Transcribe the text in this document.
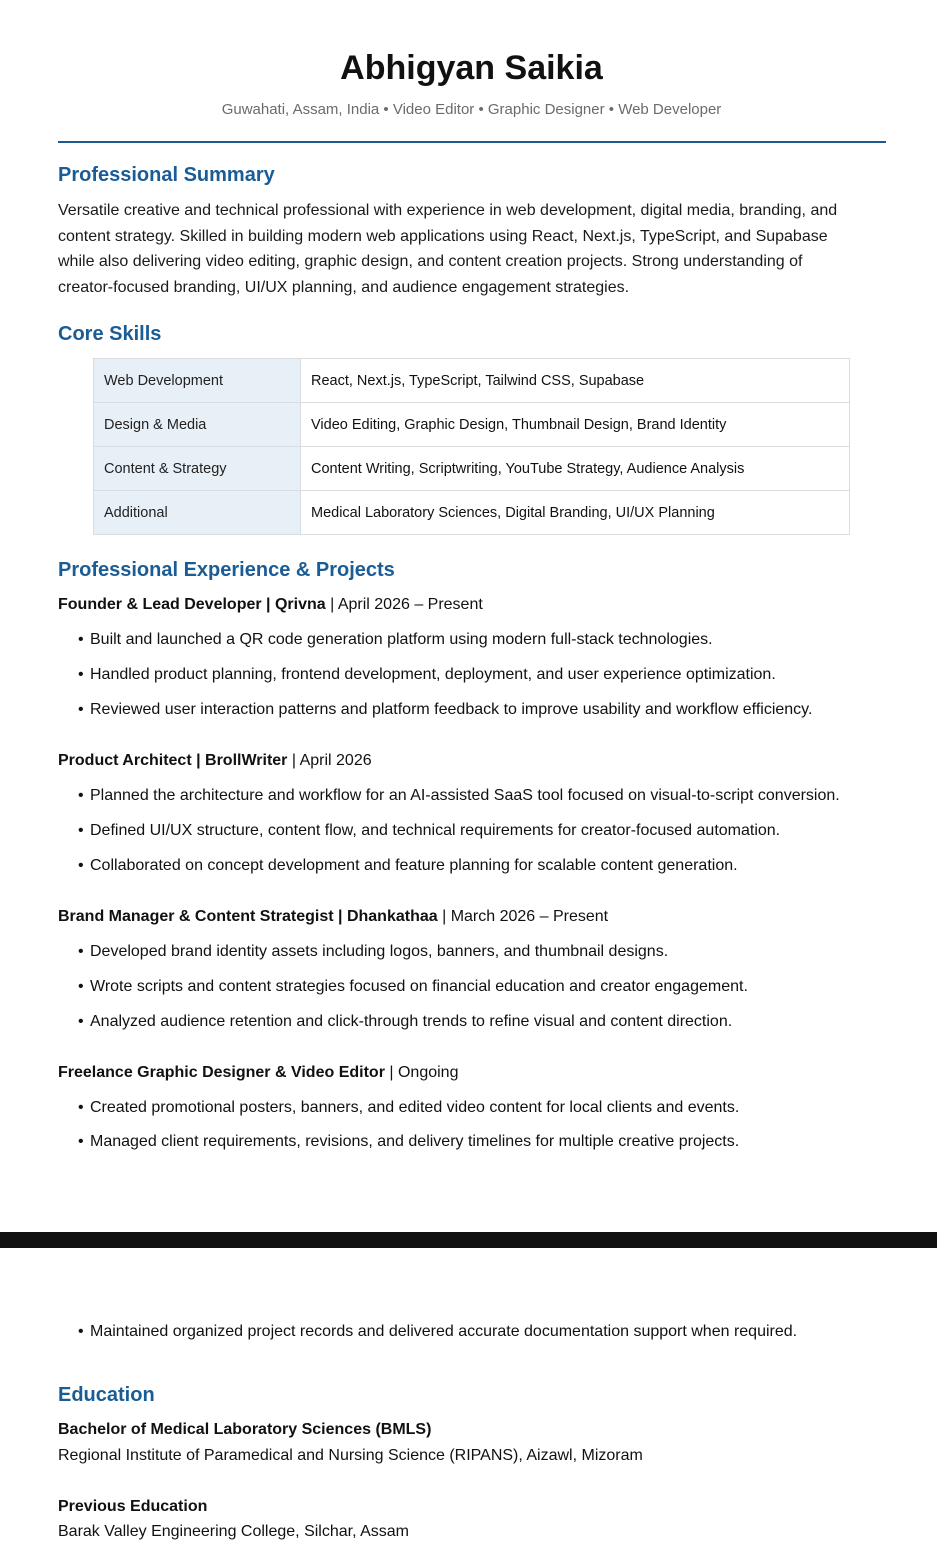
Abhigyan Saikia
Guwahati, Assam, India • Video Editor • Graphic Designer • Web Developer
Professional Summary
Versatile creative and technical professional with experience in web development, digital media, branding, and
content strategy. Skilled in building modern web applications using React, Next.js, TypeScript, and Supabase
while also delivering video editing, graphic design, and content creation projects. Strong understanding of
creator-focused branding, UI/UX planning, and audience engagement strategies.
Core Skills
Web Development	React, Next.js, TypeScript, Tailwind CSS, Supabase
Design & Media	Video Editing, Graphic Design, Thumbnail Design, Brand Identity
Content & Strategy	Content Writing, Scriptwriting, YouTube Strategy, Audience Analysis
Additional	Medical Laboratory Sciences, Digital Branding, UI/UX Planning
Professional Experience & Projects
Founder & Lead Developer | Qrivna | April 2026 – Present
• Built and launched a QR code generation platform using modern full-stack technologies.
• Handled product planning, frontend development, deployment, and user experience optimization.
• Reviewed user interaction patterns and platform feedback to improve usability and workflow efficiency.
Product Architect | BrollWriter | April 2026
• Planned the architecture and workflow for an AI-assisted SaaS tool focused on visual-to-script conversion.
• Defined UI/UX structure, content flow, and technical requirements for creator-focused automation.
• Collaborated on concept development and feature planning for scalable content generation.
Brand Manager & Content Strategist | Dhankathaa | March 2026 – Present
• Developed brand identity assets including logos, banners, and thumbnail designs.
• Wrote scripts and content strategies focused on financial education and creator engagement.
• Analyzed audience retention and click-through trends to refine visual and content direction.
Freelance Graphic Designer & Video Editor | Ongoing
• Created promotional posters, banners, and edited video content for local clients and events.
• Managed client requirements, revisions, and delivery timelines for multiple creative projects.
• Maintained organized project records and delivered accurate documentation support when required.
Education
Bachelor of Medical Laboratory Sciences (BMLS)
Regional Institute of Paramedical and Nursing Science (RIPANS), Aizawl, Mizoram
Previous Education
Barak Valley Engineering College, Silchar, Assam
